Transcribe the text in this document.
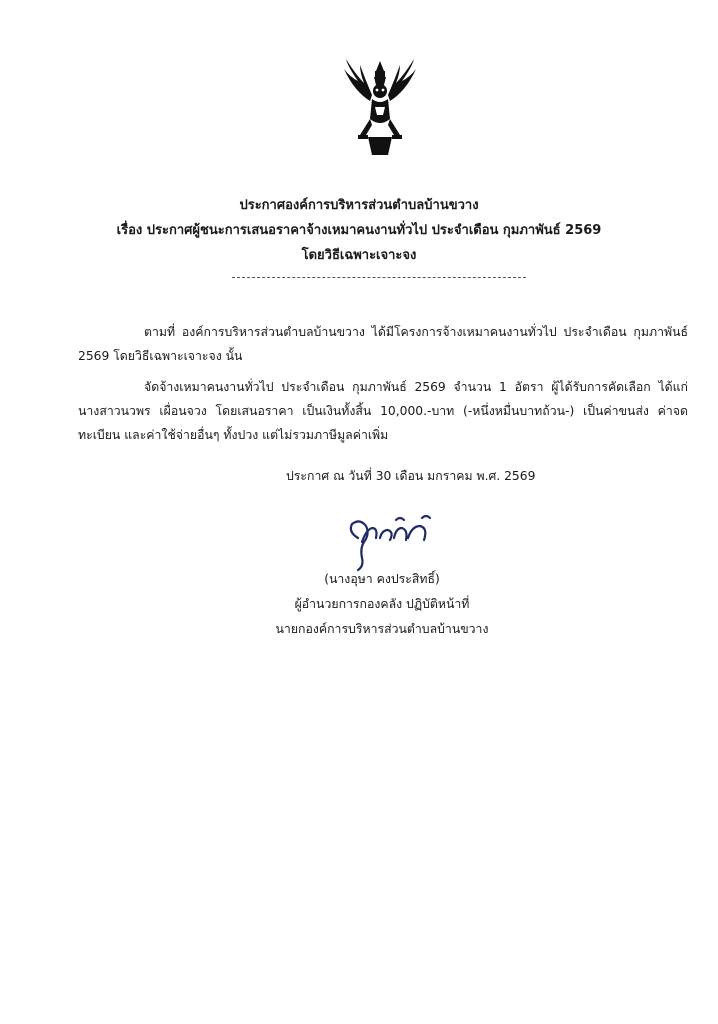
ประกาศองค์การบริหารส่วนตำบลบ้านขวาง
เรื่อง ประกาศผู้ชนะการเสนอราคาจ้างเหมาคนงานทั่วไป ประจำเดือน กุมภาพันธ์ 2569
โดยวิธีเฉพาะเจาะจง
ตามที่ องค์การบริหารส่วนตำบลบ้านขวาง ได้มีโครงการจ้างเหมาคนงานทั่วไป ประจำเดือน กุมภาพันธ์ 2569 โดยวิธีเฉพาะเจาะจง นั้น
จัดจ้างเหมาคนงานทั่วไป ประจำเดือน กุมภาพันธ์ 2569 จำนวน 1 อัตรา ผู้ได้รับการคัดเลือก ได้แก่ นางสาวนวพร เผื่อนจวง โดยเสนอราคา เป็นเงินทั้งสิ้น 10,000.-บาท (-หนึ่งหมื่นบาทถ้วน-) เป็นค่าขนส่ง ค่าจดทะเบียน และค่าใช้จ่ายอื่นๆ ทั้งปวง แต่ไม่รวมภาษีมูลค่าเพิ่ม
ประกาศ ณ วันที่ 30 เดือน มกราคม พ.ศ. 2569
(นางอุษา คงประสิทธิ์)
ผู้อำนวยการกองคลัง ปฏิบัติหน้าที่
นายกองค์การบริหารส่วนตำบลบ้านขวาง
